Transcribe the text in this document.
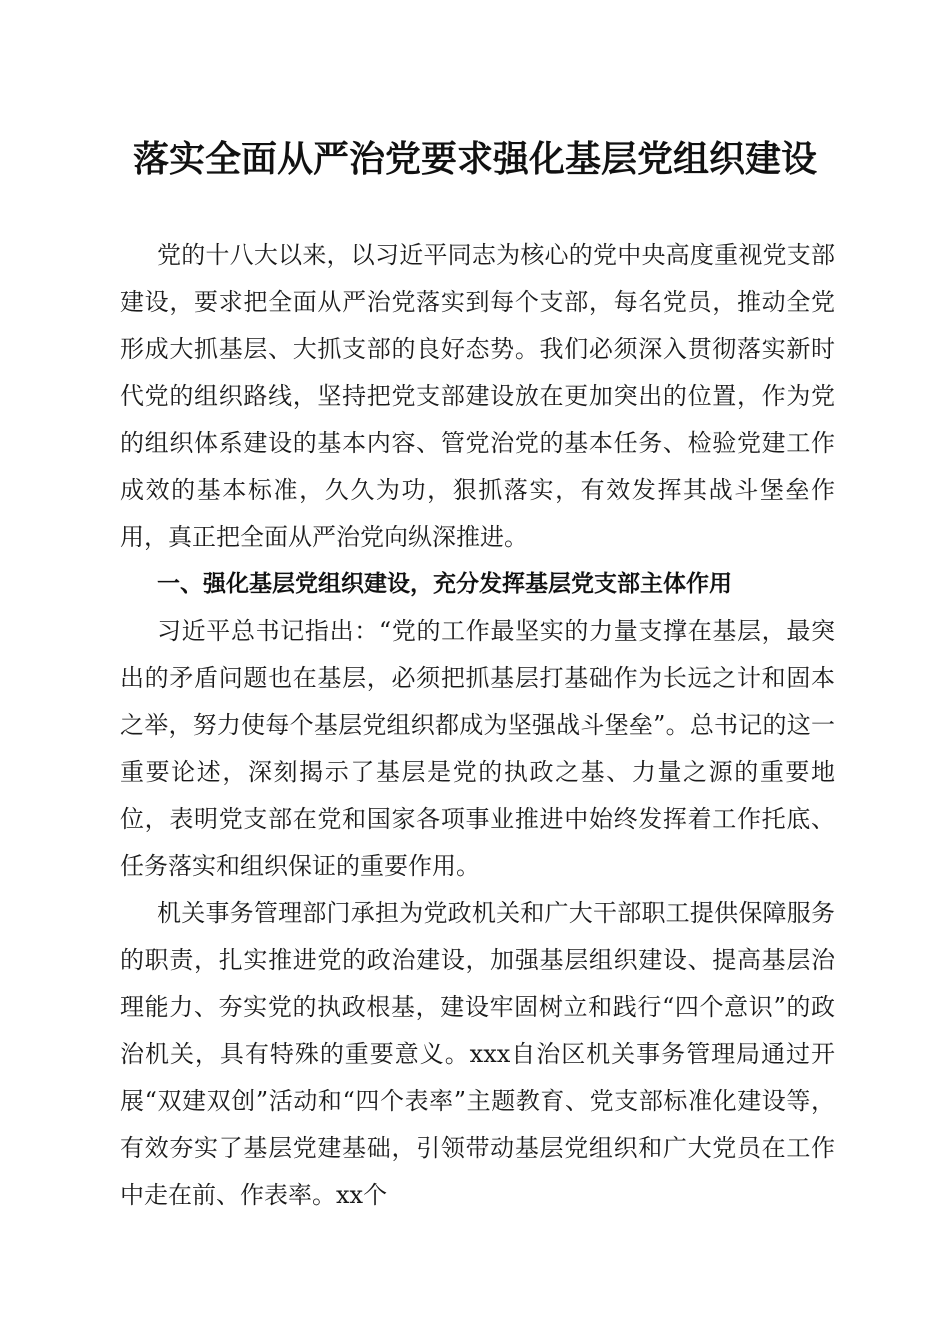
落实全面从严治党要求强化基层党组织建设

党的十八大以来，以习近平同志为核心的党中央高度重视党支部建设，要求把全面从严治党落实到每个支部，每名党员，推动全党形成大抓基层、大抓支部的良好态势。我们必须深入贯彻落实新时代党的组织路线，坚持把党支部建设放在更加突出的位置，作为党的组织体系建设的基本内容、管党治党的基本任务、检验党建工作成效的基本标准，久久为功，狠抓落实，有效发挥其战斗堡垒作用，真正把全面从严治党向纵深推进。

一、强化基层党组织建设，充分发挥基层党支部主体作用

习近平总书记指出：“党的工作最坚实的力量支撑在基层，最突出的矛盾问题也在基层，必须把抓基层打基础作为长远之计和固本之举，努力使每个基层党组织都成为坚强战斗堡垒”。总书记的这一重要论述，深刻揭示了基层是党的执政之基、力量之源的重要地位，表明党支部在党和国家各项事业推进中始终发挥着工作托底、任务落实和组织保证的重要作用。

机关事务管理部门承担为党政机关和广大干部职工提供保障服务的职责，扎实推进党的政治建设，加强基层组织建设、提高基层治理能力、夯实党的执政根基，建设牢固树立和践行“四个意识”的政治机关，具有特殊的重要意义。xxx自治区机关事务管理局通过开展“双建双创”活动和“四个表率”主题教育、党支部标准化建设等，有效夯实了基层党建基础，引领带动基层党组织和广大党员在工作中走在前、作表率。xx个
